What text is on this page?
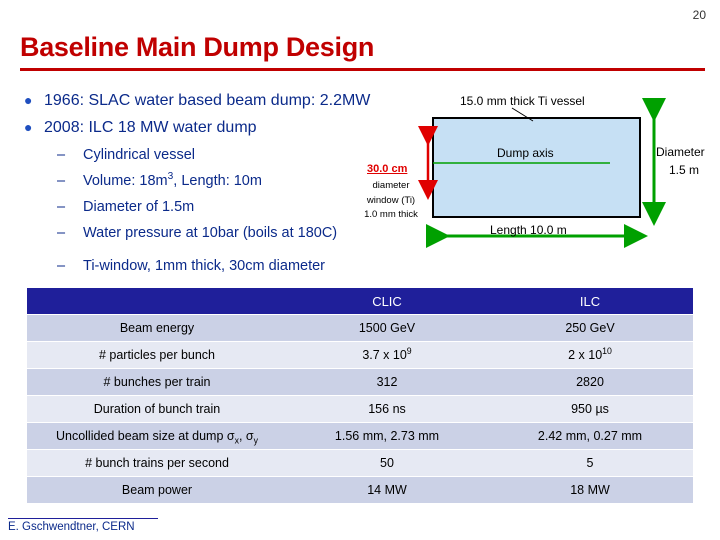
20
Baseline Main Dump Design
● 1966: SLAC water based beam dump: 2.2MW
● 2008: ILC 18 MW water dump
– Cylindrical vessel
– Volume: $18m^3$, Length: 10m
– Diameter of 1.5m
– Water pressure at 10bar (boils at 180C)
– Ti-window, 1mm thick, 30cm diameter
15.0 mm thick Ti vessel
Dump axis
30.0 cm
diameter
window (Ti)
1.0 mm thick
Diameter
1.5 m
Length 10.0 m
	CLIC	ILC
Beam energy	1500 GeV	250 GeV
# particles per bunch	3.7 x $10^9$	2 x $10^{10}$
# bunches per train	312	2820
Duration of bunch train	156 ns	950 µs
Uncollided beam size at dump $\sigma_x$, $\sigma_y$	1.56 mm, 2.73 mm	2.42 mm, 0.27 mm
# bunch trains per second	50	5
Beam power	14 MW	18 MW
E. Gschwendtner, CERN
